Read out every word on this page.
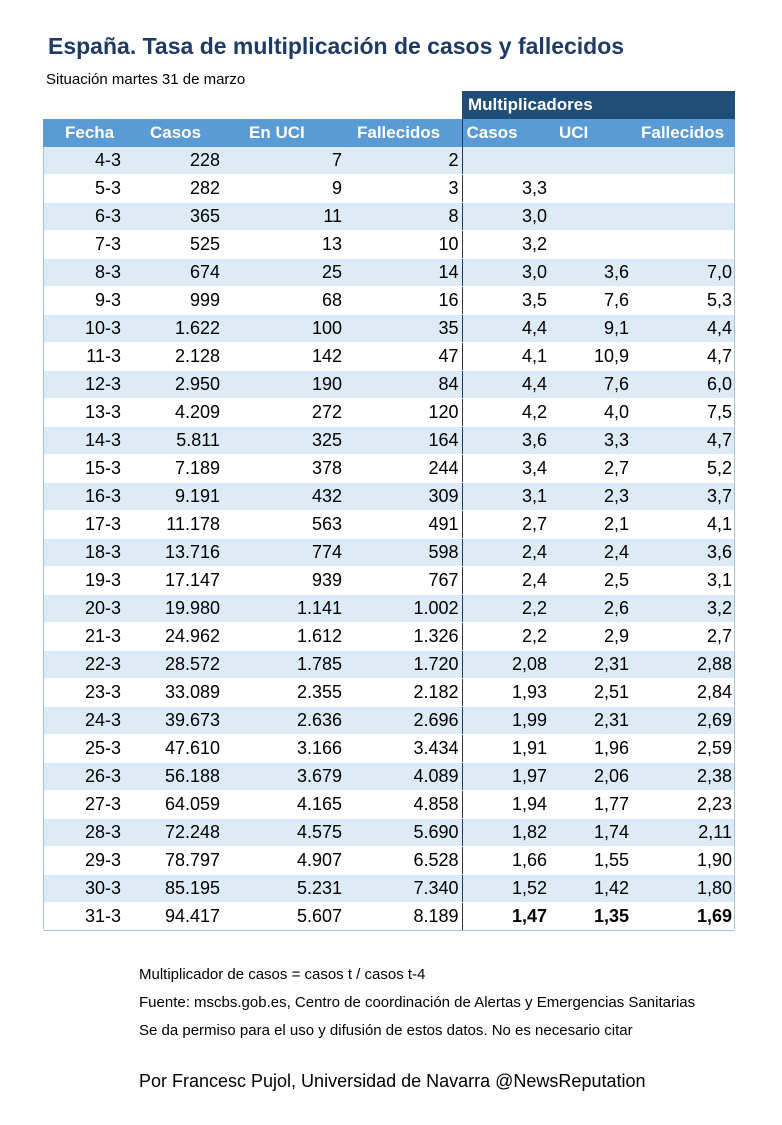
España. Tasa de multiplicación de casos y fallecidos
Situación martes 31 de marzo
Multiplicadores
Fecha	Casos	En UCI	Fallecidos	Casos	UCI	Fallecidos
4-3	228	7	2			
5-3	282	9	3	3,3		
6-3	365	11	8	3,0		
7-3	525	13	10	3,2		
8-3	674	25	14	3,0	3,6	7,0
9-3	999	68	16	3,5	7,6	5,3
10-3	1.622	100	35	4,4	9,1	4,4
11-3	2.128	142	47	4,1	10,9	4,7
12-3	2.950	190	84	4,4	7,6	6,0
13-3	4.209	272	120	4,2	4,0	7,5
14-3	5.811	325	164	3,6	3,3	4,7
15-3	7.189	378	244	3,4	2,7	5,2
16-3	9.191	432	309	3,1	2,3	3,7
17-3	11.178	563	491	2,7	2,1	4,1
18-3	13.716	774	598	2,4	2,4	3,6
19-3	17.147	939	767	2,4	2,5	3,1
20-3	19.980	1.141	1.002	2,2	2,6	3,2
21-3	24.962	1.612	1.326	2,2	2,9	2,7
22-3	28.572	1.785	1.720	2,08	2,31	2,88
23-3	33.089	2.355	2.182	1,93	2,51	2,84
24-3	39.673	2.636	2.696	1,99	2,31	2,69
25-3	47.610	3.166	3.434	1,91	1,96	2,59
26-3	56.188	3.679	4.089	1,97	2,06	2,38
27-3	64.059	4.165	4.858	1,94	1,77	2,23
28-3	72.248	4.575	5.690	1,82	1,74	2,11
29-3	78.797	4.907	6.528	1,66	1,55	1,90
30-3	85.195	5.231	7.340	1,52	1,42	1,80
31-3	94.417	5.607	8.189	1,47	1,35	1,69
Multiplicador de casos = casos t / casos t-4
Fuente: mscbs.gob.es, Centro de coordinación de Alertas y Emergencias Sanitarias
Se da permiso para el uso y difusión de estos datos. No es necesario citar
Por Francesc Pujol, Universidad de Navarra @NewsReputation
